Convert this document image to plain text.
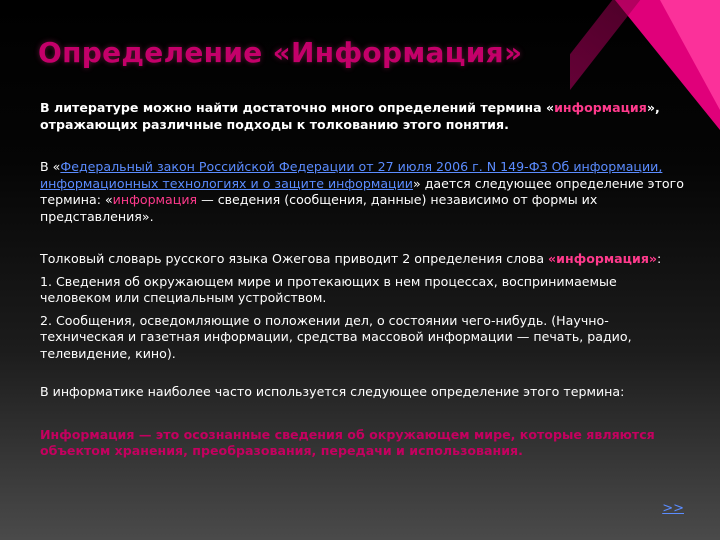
Определение «Информация»

В литературе можно найти достаточно много определений термина «информация», отражающих различные подходы к толкованию этого понятия.

В «Федеральный закон Российской Федерации от 27 июля 2006 г. N 149-ФЗ Об информации, информационных технологиях и о защите информации» дается следующее определение этого термина: «информация — сведения (сообщения, данные) независимо от формы их представления».

Толковый словарь русского языка Ожегова приводит 2 определения слова «информация»:

1. Сведения об окружающем мире и протекающих в нем процессах, воспринимаемые человеком или специальным устройством.

2. Сообщения, осведомляющие о положении дел, о состоянии чего-нибудь. (Научно-техническая и газетная информации, средства массовой информации — печать, радио, телевидение, кино).

В информатике наиболее часто используется следующее определение этого термина:

Информация — это осознанные сведения об окружающем мире, которые являются объектом хранения, преобразования, передачи и использования.

>>
